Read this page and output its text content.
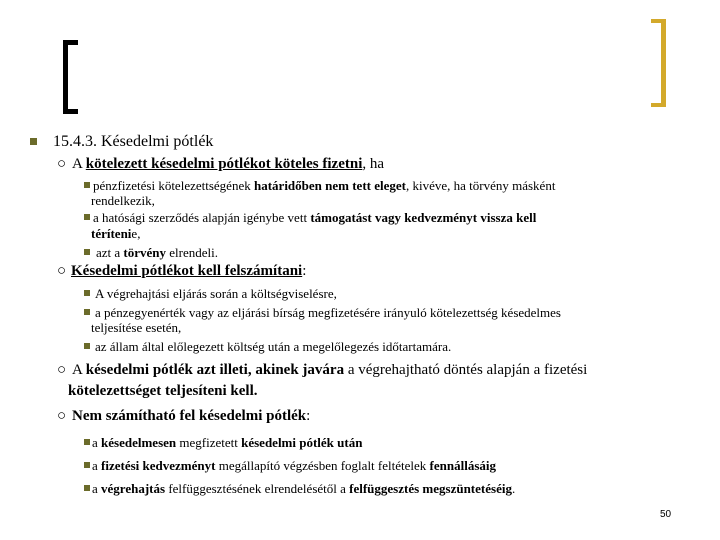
15.4.3. Késedelmi pótlék
○ A kötelezett késedelmi pótlékot köteles fizetni, ha
pénzfizetési kötelezettségének határidőben nem tett eleget, kivéve, ha törvény másként
rendelkezik,
a hatósági szerződés alapján igénybe vett támogatást vagy kedvezményt vissza kell
térítenie,
azt a törvény elrendeli.
○ Késedelmi pótlékot kell felszámítani:
A végrehajtási eljárás során a költségviselésre,
a pénzegyenérték vagy az eljárási bírság megfizetésére irányuló kötelezettség késedelmes
teljesítése esetén,
az állam által előlegezett költség után a megelőlegezés időtartamára.
○ A késedelmi pótlék azt illeti, akinek javára a végrehajtható döntés alapján a fizetési
kötelezettséget teljesíteni kell.
○ Nem számítható fel késedelmi pótlék:
a késedelmesen megfizetett késedelmi pótlék után
a fizetési kedvezményt megállapító végzésben foglalt feltételek fennállásáig
a végrehajtás felfüggesztésének elrendelésétől a felfüggesztés megszüntetéséig.
50
